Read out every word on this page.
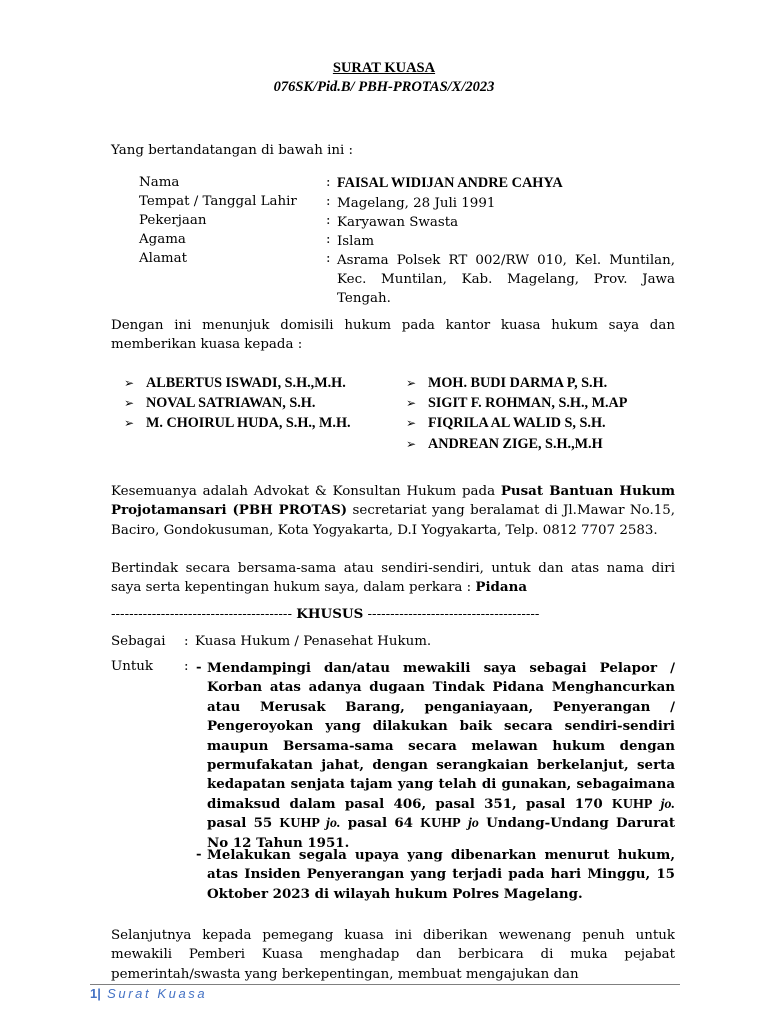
SURAT KUASA
076SK/Pid.B/ PBH-PROTAS/X/2023
Yang bertandatangan di bawah ini :
Nama	: FAISAL WIDIJAN ANDRE CAHYA
Tempat / Tanggal Lahir	: Magelang, 28 Juli 1991
Pekerjaan	: Karyawan Swasta
Agama	: Islam
Alamat	: Asrama Polsek RT 002/RW 010, Kel. Muntilan, Kec. Muntilan, Kab. Magelang, Prov. Jawa Tengah.
Dengan ini menunjuk domisili hukum pada kantor kuasa hukum saya dan memberikan kuasa kepada :
➢ ALBERTUS ISWADI, S.H.,M.H.
➢ NOVAL SATRIAWAN, S.H.
➢ M. CHOIRUL HUDA, S.H., M.H.
➢ MOH. BUDI DARMA P, S.H.
➢ SIGIT F. ROHMAN, S.H., M.AP
➢ FIQRILA AL WALID S, S.H.
➢ ANDREAN ZIGE, S.H.,M.H
Kesemuanya adalah Advokat & Konsultan Hukum pada Pusat Bantuan Hukum Projotamansari (PBH PROTAS) secretariat yang beralamat di Jl.Mawar No.15, Baciro, Gondokusuman, Kota Yogyakarta, D.I Yogyakarta, Telp. 0812 7707 2583.
Bertindak secara bersama-sama atau sendiri-sendiri, untuk dan atas nama diri saya serta kepentingan hukum saya, dalam perkara : Pidana
---------------------------------------- KHUSUS --------------------------------------
Sebagai : Kuasa Hukum / Penasehat Hukum.
Untuk : - Mendampingi dan/atau mewakili saya sebagai Pelapor / Korban atas adanya dugaan Tindak Pidana Menghancurkan atau Merusak Barang, penganiayaan, Penyerangan / Pengeroyokan yang dilakukan baik secara sendiri-sendiri maupun Bersama-sama secara melawan hukum dengan permufakatan jahat, dengan serangkaian berkelanjut, serta kedapatan senjata tajam yang telah di gunakan, sebagaimana dimaksud dalam pasal 406, pasal 351, pasal 170 KUHP jo. pasal 55 KUHP jo. pasal 64 KUHP jo Undang-Undang Darurat No 12 Tahun 1951.
- Melakukan segala upaya yang dibenarkan menurut hukum, atas Insiden Penyerangan yang terjadi pada hari Minggu, 15 Oktober 2023 di wilayah hukum Polres Magelang.
Selanjutnya kepada pemegang kuasa ini diberikan wewenang penuh untuk mewakili Pemberi Kuasa menghadap dan berbicara di muka pejabat pemerintah/swasta yang berkepentingan, membuat mengajukan dan
1| Surat Kuasa
